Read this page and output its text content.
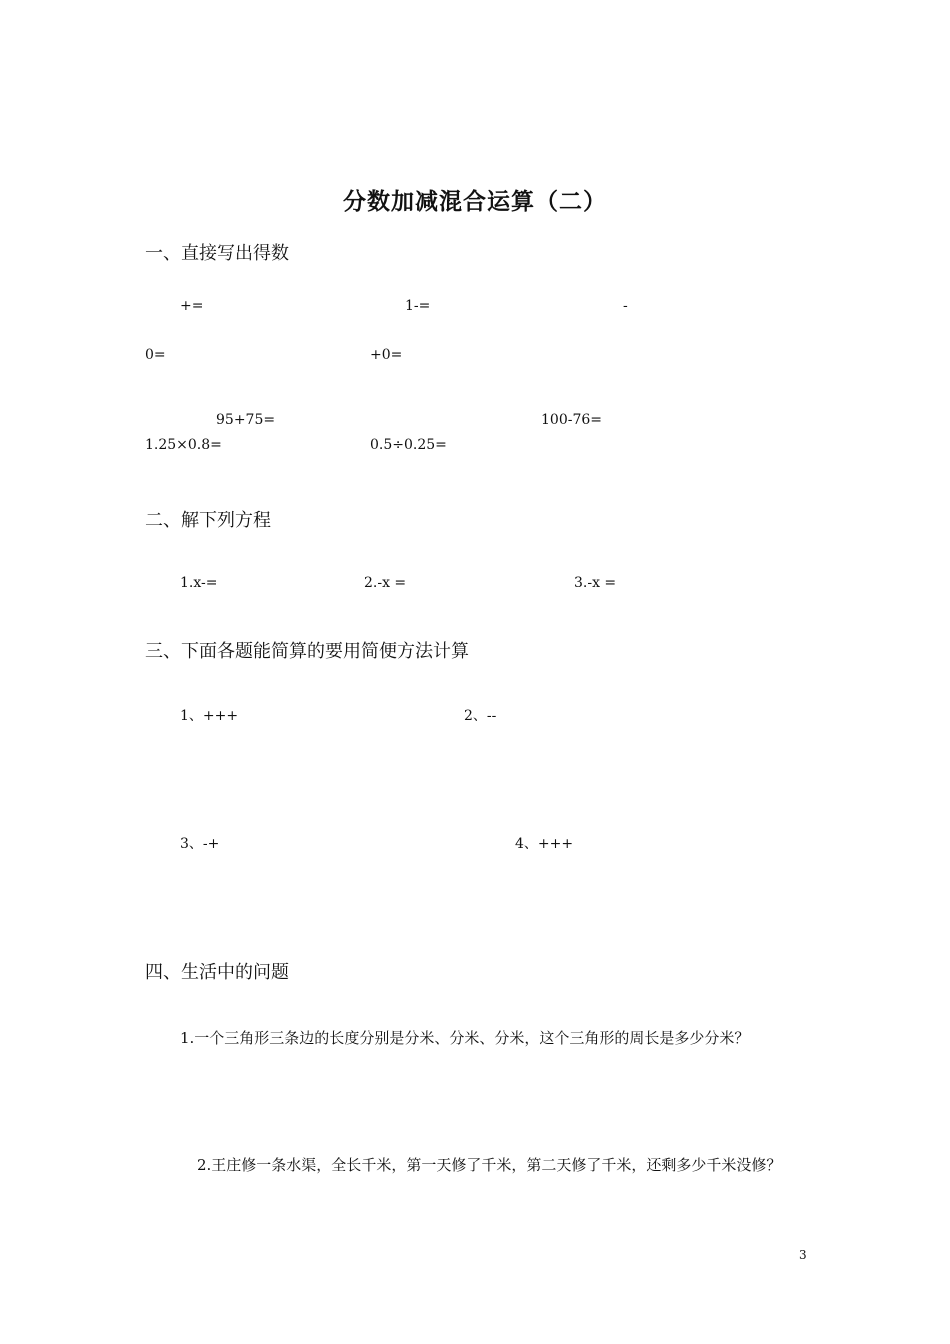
分数加减混合运算（二）
一、直接写出得数
+=	1-=	-
0=	+0=
95+75=	100-76=
1.25×0.8=	0.5÷0.25=
二、解下列方程
1.x-=	2.-x =	3.-x =
三、下面各题能简算的要用简便方法计算
1、+++	2、--
3、-+	4、+++
四、生活中的问题
1.一个三角形三条边的长度分别是分米、分米、分米，这个三角形的周长是多少分米？
2.王庄修一条水渠，全长千米，第一天修了千米，第二天修了千米，还剩多少千米没修？
3
